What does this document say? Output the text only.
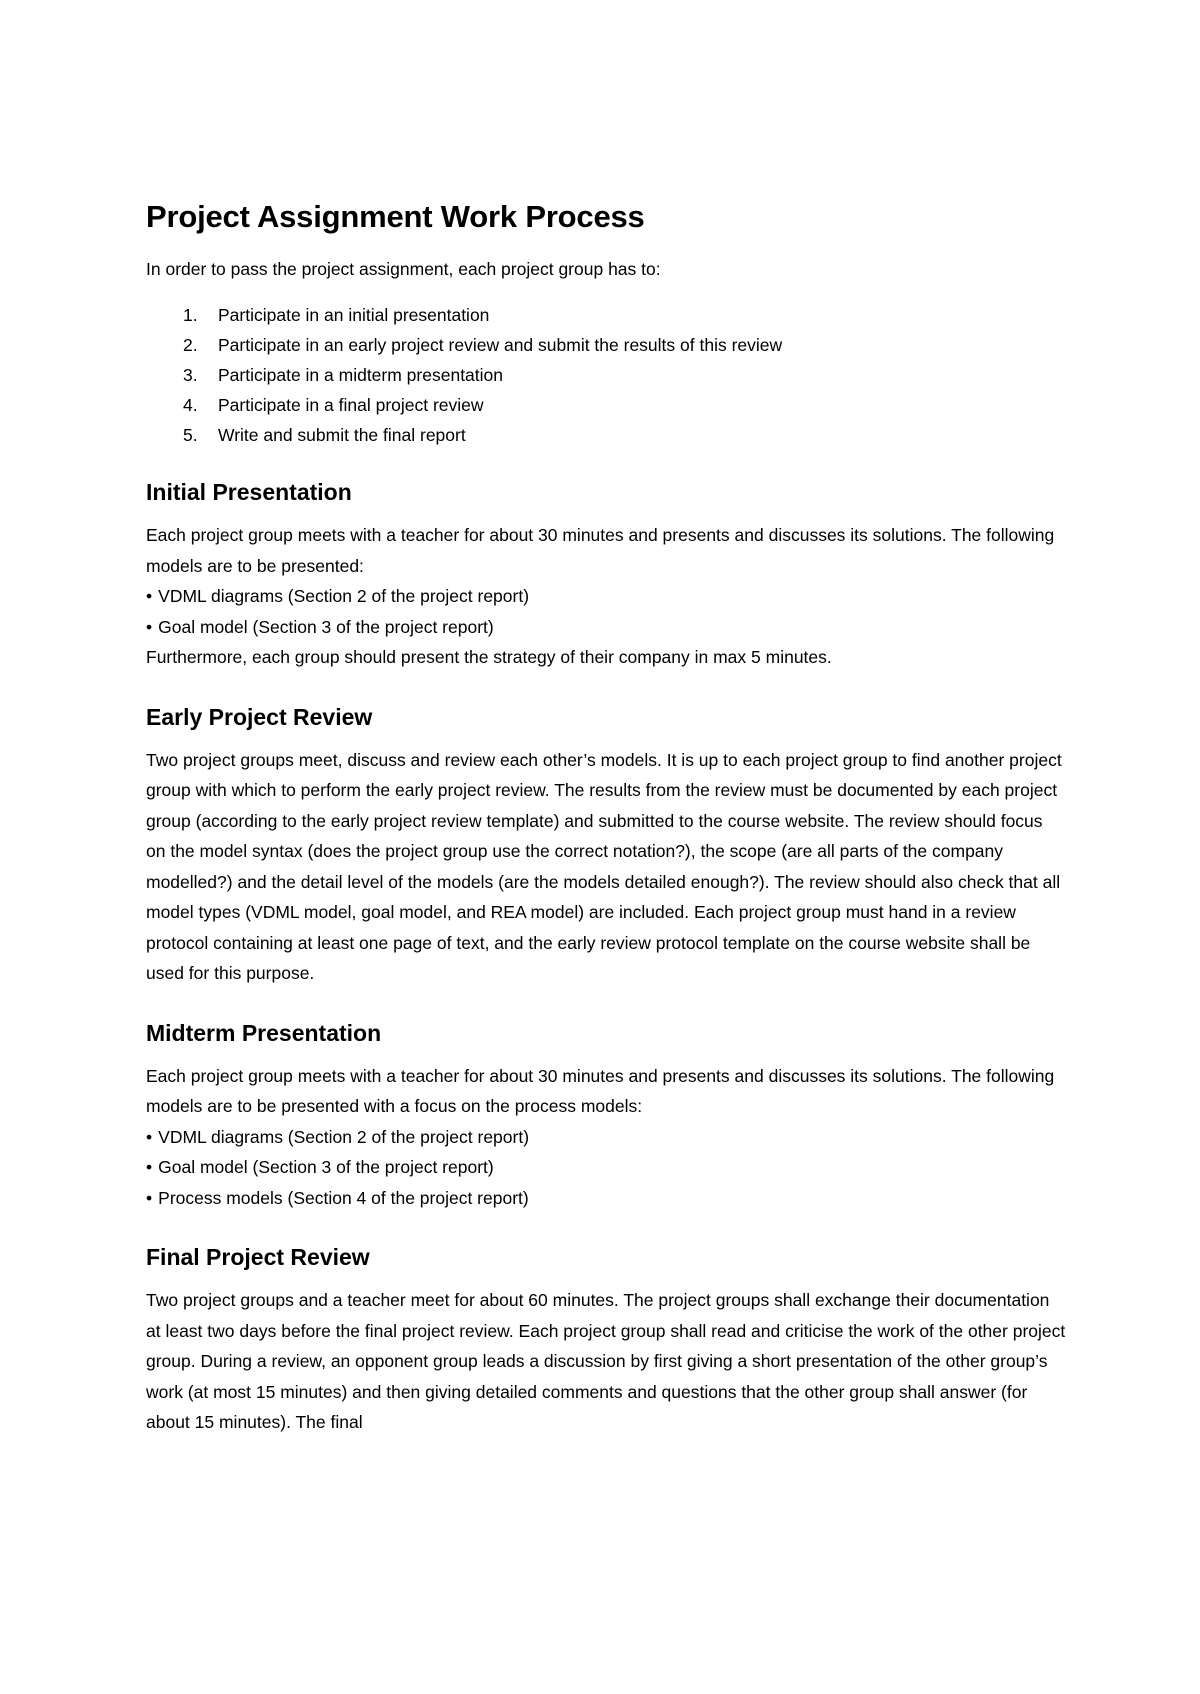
Project Assignment Work Process

In order to pass the project assignment, each project group has to:

1.	Participate in an initial presentation
2.	Participate in an early project review and submit the results of this review
3.	Participate in a midterm presentation
4.	Participate in a final project review
5.	Write and submit the final report
Initial Presentation

Each project group meets with a teacher for about 30 minutes and presents and discusses its solutions. The following models are to be presented:

• VDML diagrams (Section 2 of the project report)
• Goal model (Section 3 of the project report)

Furthermore, each group should present the strategy of their company in max 5 minutes.

Early Project Review

Two project groups meet, discuss and review each other’s models. It is up to each project group to find another project group with which to perform the early project review. The results from the review must be documented by each project group (according to the early project review template) and submitted to the course website. The review should focus on the model syntax (does the project group use the correct notation?), the scope (are all parts of the company modelled?) and the detail level of the models (are the models detailed enough?). The review should also check that all model types (VDML model, goal model, and REA model) are included. Each project group must hand in a review protocol containing at least one page of text, and the early review protocol template on the course website shall be used for this purpose.

Midterm Presentation

Each project group meets with a teacher for about 30 minutes and presents and discusses its solutions. The following models are to be presented with a focus on the process models:

• VDML diagrams (Section 2 of the project report)
• Goal model (Section 3 of the project report)
• Process models (Section 4 of the project report)
Final Project Review

Two project groups and a teacher meet for about 60 minutes. The project groups shall exchange their documentation at least two days before the final project review. Each project group shall read and criticise the work of the other project group. During a review, an opponent group leads a discussion by first giving a short presentation of the other group’s work (at most 15 minutes) and then giving detailed comments and questions that the other group shall answer (for about 15 minutes). The final
